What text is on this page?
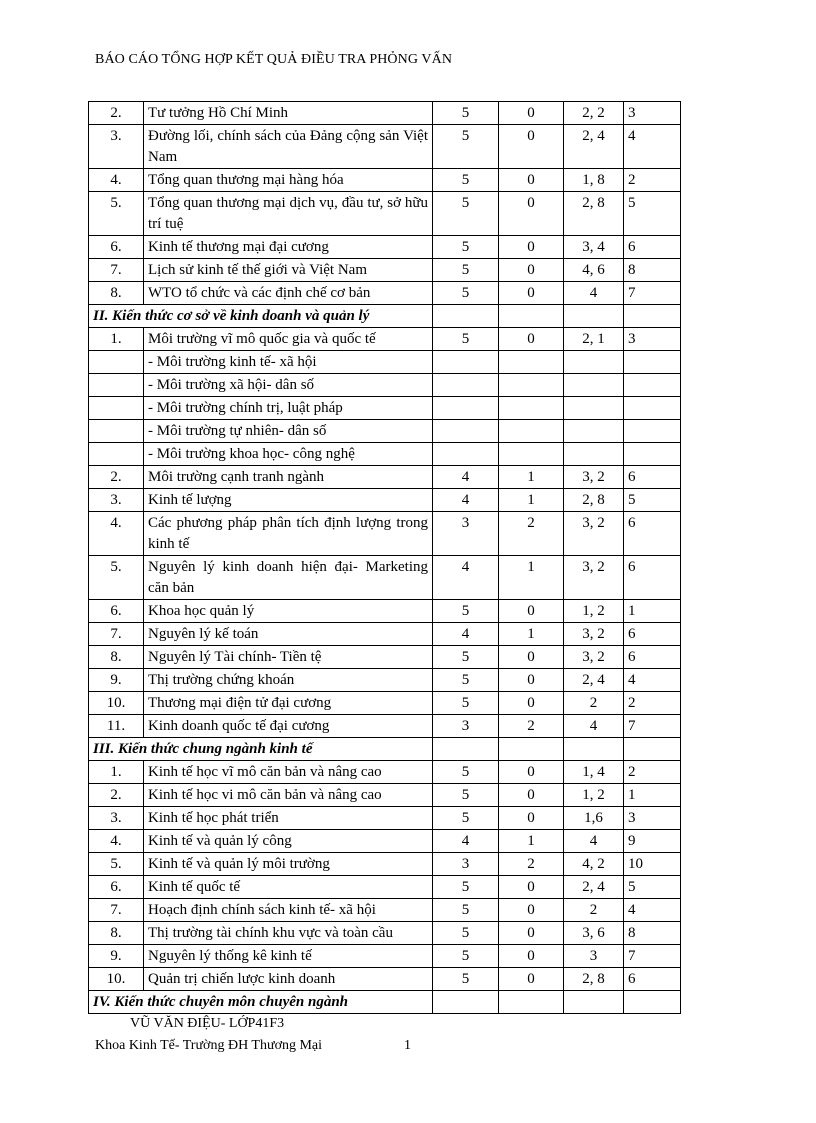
BÁO CÁO TỔNG HỢP KẾT QUẢ ĐIỀU TRA PHỎNG VẤN
2.	Tư tưởng Hồ Chí Minh	5	0	2, 2	3
3.	Đường lối, chính sách của Đảng cộng sản Việt Nam	5	0	2, 4	4
4.	Tổng quan thương mại hàng hóa	5	0	1, 8	2
5.	Tổng quan thương mại dịch vụ, đầu tư, sở hữu trí tuệ	5	0	2, 8	5
6.	Kinh tế thương mại đại cương	5	0	3, 4	6
7.	Lịch sử kinh tế thế giới và Việt Nam	5	0	4, 6	8
8.	WTO tổ chức và các định chế cơ bản	5	0	4	7
II. Kiến thức cơ sở về kinh doanh và quản lý					
1.	Môi trường vĩ mô quốc gia và quốc tế	5	0	2, 1	3
	- Môi trường kinh tế- xã hội				
	- Môi trường xã hội- dân số				
	- Môi trường chính trị, luật pháp				
	- Môi trường tự nhiên- dân số				
	- Môi trường khoa học- công nghệ				
2.	Môi trường cạnh tranh ngành	4	1	3, 2	6
3.	Kinh tế lượng	4	1	2, 8	5
4.	Các phương pháp phân tích định lượng trong kinh tế	3	2	3, 2	6
5.	Nguyên lý kinh doanh hiện đại- Marketing căn bản	4	1	3, 2	6
6.	Khoa học quản lý	5	0	1, 2	1
7.	Nguyên lý kế toán	4	1	3, 2	6
8.	Nguyên lý Tài chính- Tiền tệ	5	0	3, 2	6
9.	Thị trường chứng khoán	5	0	2, 4	4
10.	Thương mại điện tử đại cương	5	0	2	2
11.	Kinh doanh quốc tế đại cương	3	2	4	7
III. Kiến thức chung ngành kinh tế					
1.	Kinh tế học vĩ mô căn bản và nâng cao	5	0	1, 4	2
2.	Kinh tế học vi mô căn bản và nâng cao	5	0	1, 2	1
3.	Kinh tế học phát triển	5	0	1,6	3
4.	Kinh tế và quản lý công	4	1	4	9
5.	Kinh tế và quản lý môi trường	3	2	4, 2	10
6.	Kinh tế quốc tế	5	0	2, 4	5
7.	Hoạch định chính sách kinh tế- xã hội	5	0	2	4
8.	Thị trường tài chính khu vực và toàn cầu	5	0	3, 6	8
9.	Nguyên lý thống kê kinh tế	5	0	3	7
10.	Quản trị chiến lược kinh doanh	5	0	2, 8	6
IV. Kiến thức chuyên môn chuyên ngành					
VŨ VĂN ĐIỆU- LỚP41F3
Khoa Kinh Tế- Trường ĐH Thương Mại	1
